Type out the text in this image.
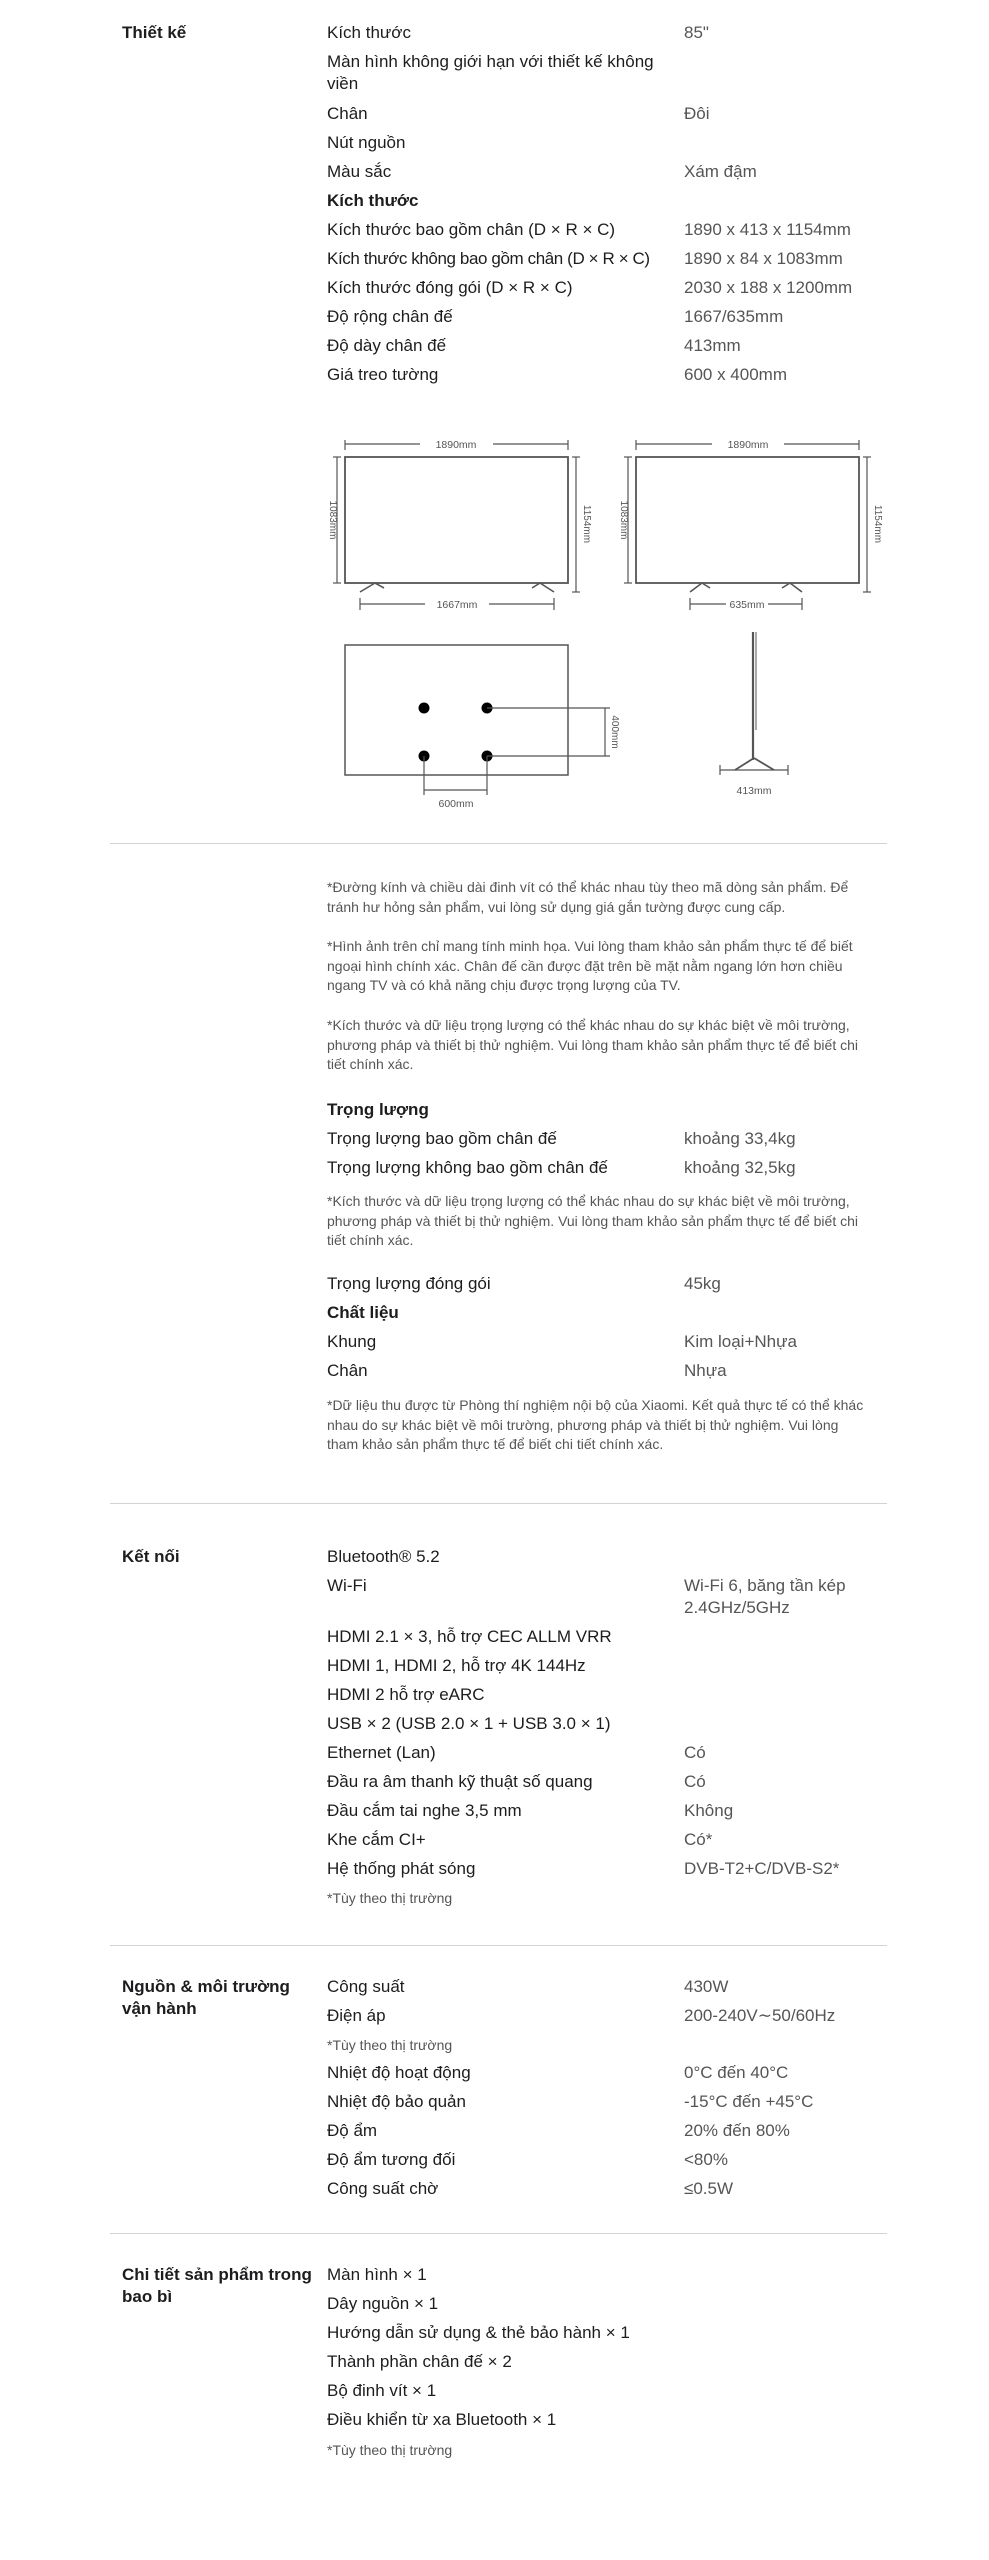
Thiết kế	Kích thước	85"
Màn hình không giới hạn với thiết kế không viền
Chân	Đôi
Nút nguồn
Màu sắc	Xám đậm
Kích thước
Kích thước bao gồm chân (D × R × C)	1890 x 413 x 1154mm
Kích thước không bao gồm chân (D × R × C)	1890 x 84 x 1083mm
Kích thước đóng gói (D × R × C)	2030 x 188 x 1200mm
Độ rộng chân đế	1667/635mm
Độ dày chân đế	413mm
Giá treo tường	600 x 400mm
1890mm
1083mm	1154mm
1667mm
1890mm
1083mm	1154mm
635mm
400mm
600mm
413mm
*Đường kính và chiều dài đinh vít có thể khác nhau tùy theo mã dòng sản phẩm. Để tránh hư hỏng sản phẩm, vui lòng sử dụng giá gắn tường được cung cấp.
*Hình ảnh trên chỉ mang tính minh họa. Vui lòng tham khảo sản phẩm thực tế để biết ngoại hình chính xác. Chân đế cần được đặt trên bề mặt nằm ngang lớn hơn chiều ngang TV và có khả năng chịu được trọng lượng của TV.
*Kích thước và dữ liệu trọng lượng có thể khác nhau do sự khác biệt về môi trường, phương pháp và thiết bị thử nghiệm. Vui lòng tham khảo sản phẩm thực tế để biết chi tiết chính xác.
Trọng lượng
Trọng lượng bao gồm chân đế	khoảng 33,4kg
Trọng lượng không bao gồm chân đế	khoảng 32,5kg
*Kích thước và dữ liệu trọng lượng có thể khác nhau do sự khác biệt về môi trường, phương pháp và thiết bị thử nghiệm. Vui lòng tham khảo sản phẩm thực tế để biết chi tiết chính xác.
Trọng lượng đóng gói	45kg
Chất liệu
Khung	Kim loại+Nhựa
Chân	Nhựa
*Dữ liệu thu được từ Phòng thí nghiệm nội bộ của Xiaomi. Kết quả thực tế có thể khác nhau do sự khác biệt về môi trường, phương pháp và thiết bị thử nghiệm. Vui lòng tham khảo sản phẩm thực tế để biết chi tiết chính xác.
Kết nối	Bluetooth® 5.2
Wi-Fi	Wi-Fi 6, băng tần kép 2.4GHz/5GHz
HDMI 2.1 × 3, hỗ trợ CEC ALLM VRR
HDMI 1, HDMI 2, hỗ trợ 4K 144Hz
HDMI 2 hỗ trợ eARC
USB × 2 (USB 2.0 × 1 + USB 3.0 × 1)
Ethernet (Lan)	Có
Đầu ra âm thanh kỹ thuật số quang	Có
Đầu cắm tai nghe 3,5 mm	Không
Khe cắm CI+	Có*
Hệ thống phát sóng	DVB-T2+C/DVB-S2*
*Tùy theo thị trường
Nguồn & môi trường vận hành
Công suất	430W
Điện áp	200-240V∼50/60Hz
*Tùy theo thị trường
Nhiệt độ hoạt động	0°C đến 40°C
Nhiệt độ bảo quản	-15°C đến +45°C
Độ ẩm	20% đến 80%
Độ ẩm tương đối	<80%
Công suất chờ	≤0.5W
Chi tiết sản phẩm trong bao bì
Màn hình × 1
Dây nguồn × 1
Hướng dẫn sử dụng & thẻ bảo hành × 1
Thành phần chân đế × 2
Bộ đinh vít × 1
Điều khiển từ xa Bluetooth × 1
*Tùy theo thị trường
